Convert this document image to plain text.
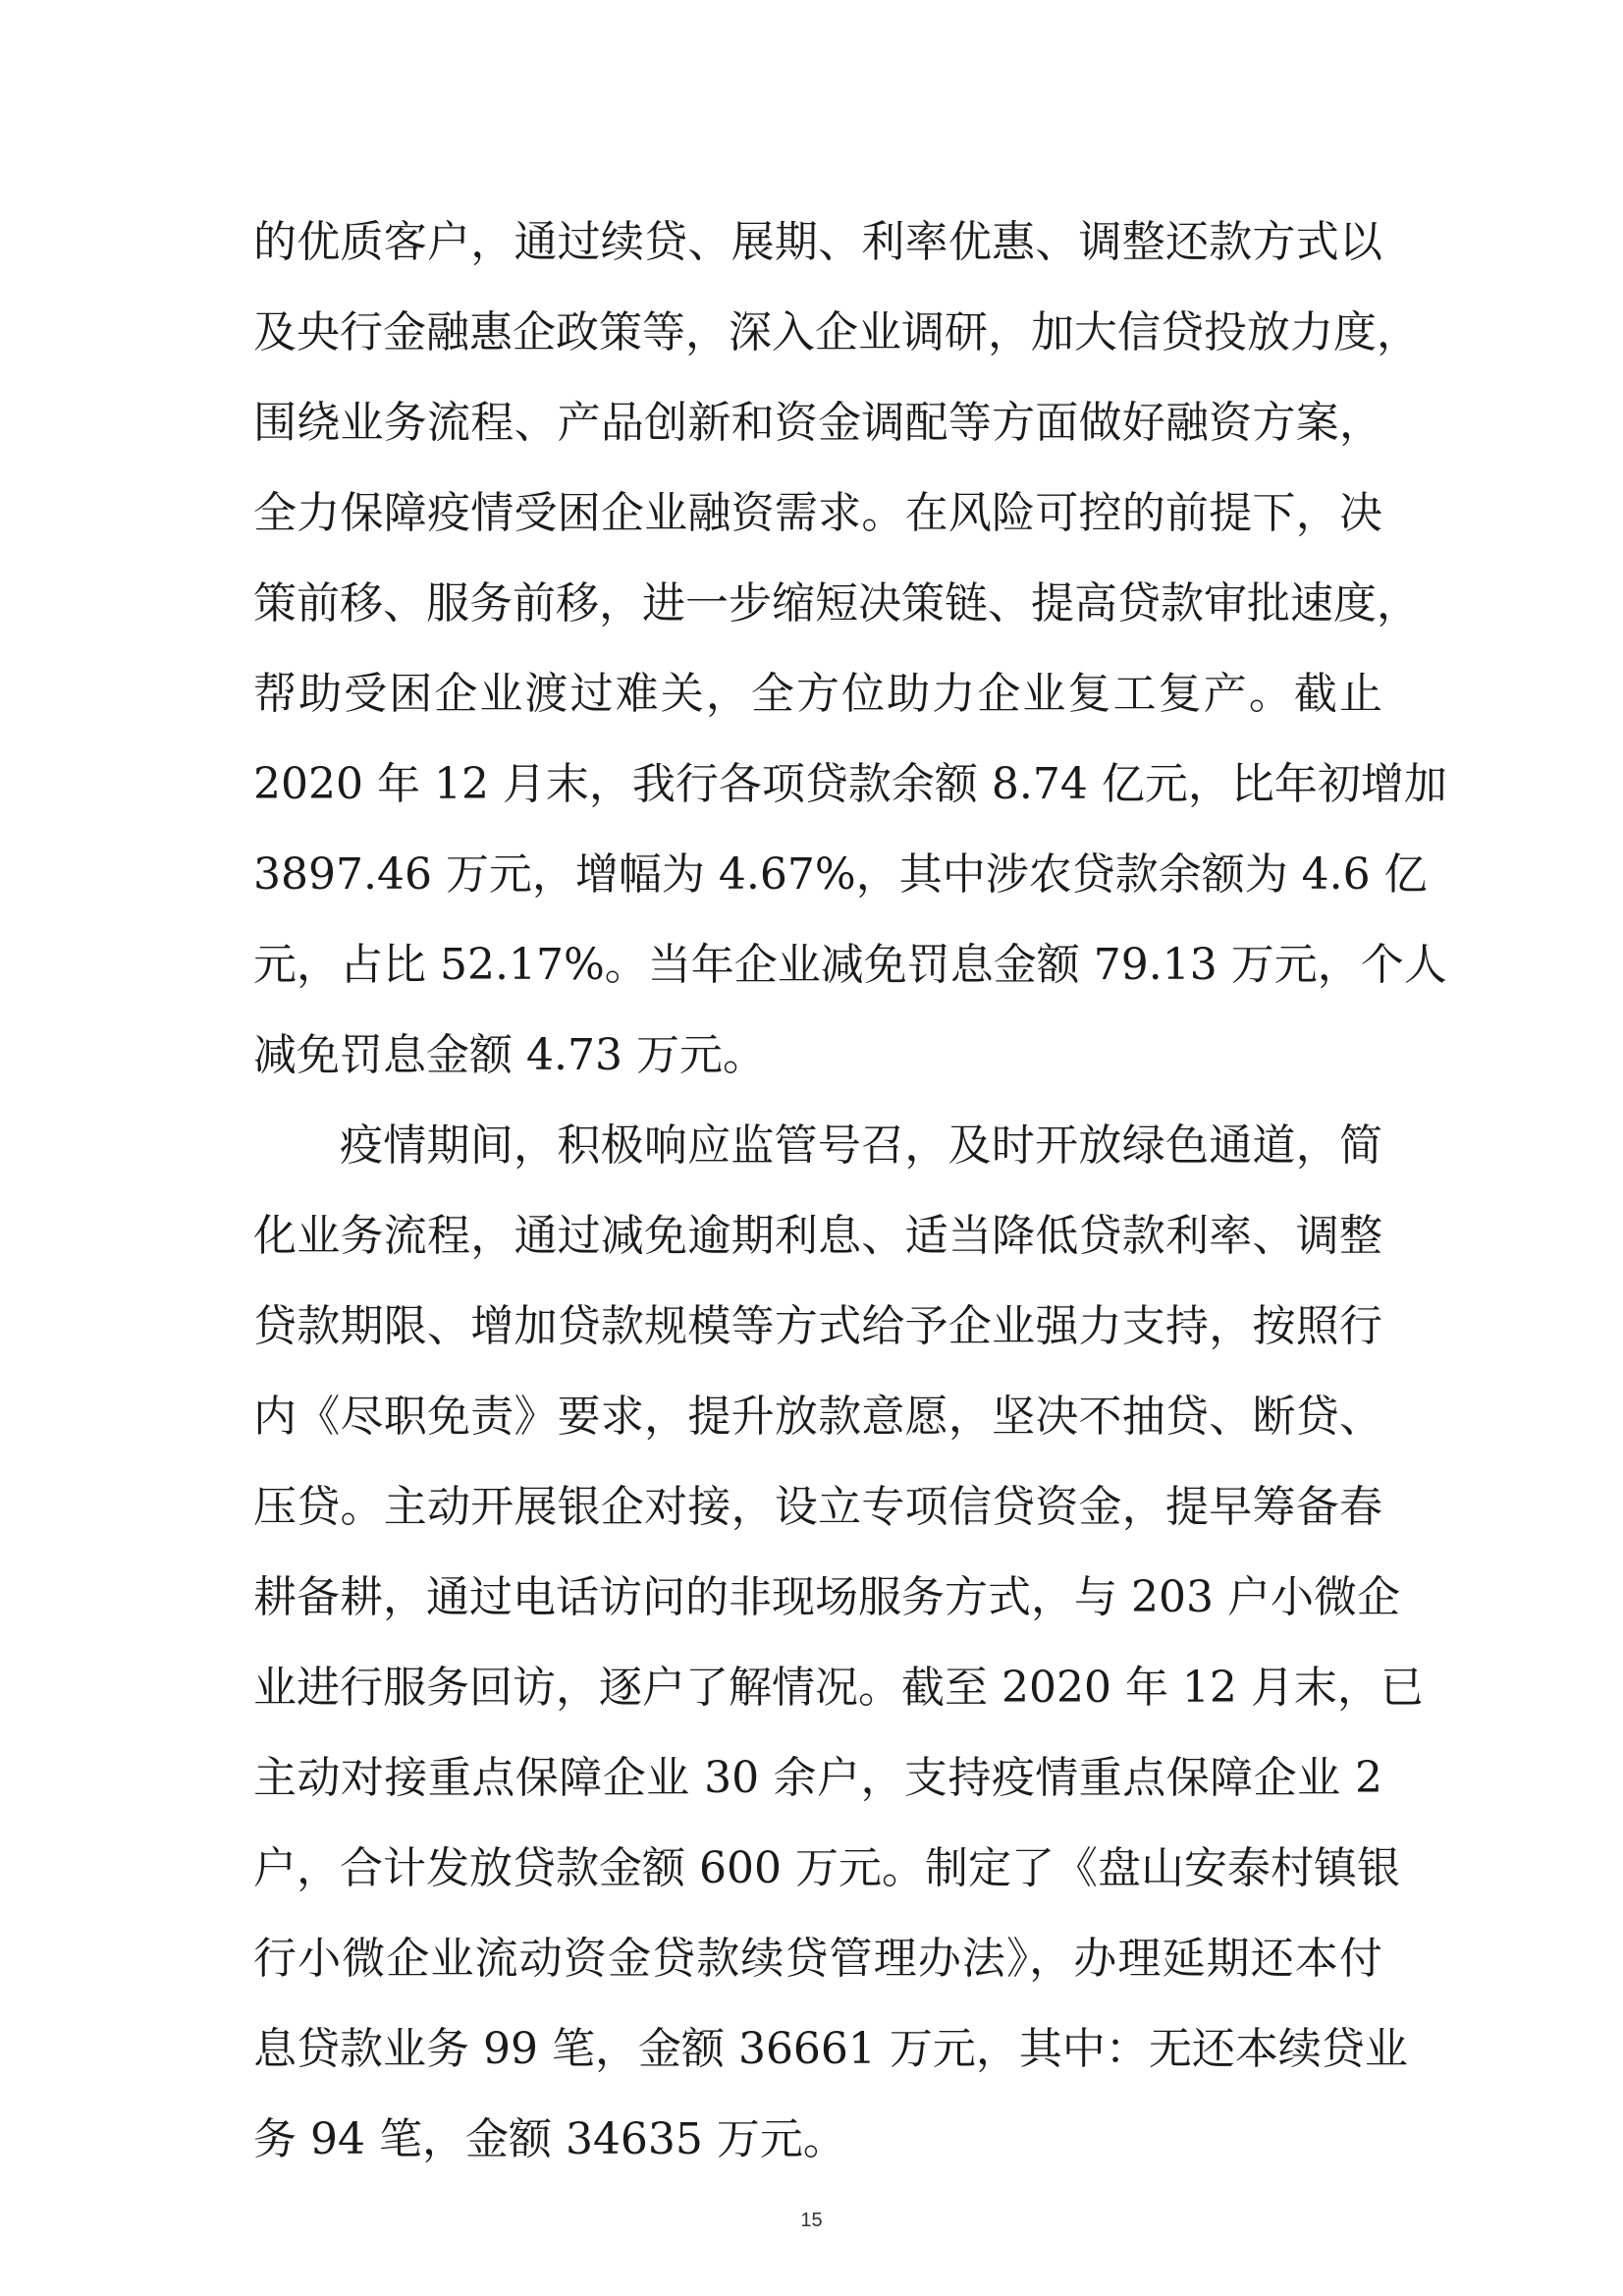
的优质客户，通过续贷、展期、利率优惠、调整还款方式以
及央行金融惠企政策等，深入企业调研，加大信贷投放力度，
围绕业务流程、产品创新和资金调配等方面做好融资方案，
全力保障疫情受困企业融资需求。在风险可控的前提下，决
策前移、服务前移，进一步缩短决策链、提高贷款审批速度，
帮助受困企业渡过难关，全方位助力企业复工复产。截止
2020 年 12 月末，我行各项贷款余额 8.74 亿元，比年初增加
3897.46 万元，增幅为 4.67%，其中涉农贷款余额为 4.6 亿
元，占比 52.17%。当年企业减免罚息金额 79.13 万元，个人
减免罚息金额 4.73 万元。
疫情期间，积极响应监管号召，及时开放绿色通道，简
化业务流程，通过减免逾期利息、适当降低贷款利率、调整
贷款期限、增加贷款规模等方式给予企业强力支持，按照行
内《尽职免责》要求，提升放款意愿，坚决不抽贷、断贷、
压贷。主动开展银企对接，设立专项信贷资金，提早筹备春
耕备耕，通过电话访问的非现场服务方式，与 203 户小微企
业进行服务回访，逐户了解情况。截至 2020 年 12 月末，已
主动对接重点保障企业 30 余户，支持疫情重点保障企业 2
户，合计发放贷款金额 600 万元。制定了《盘山安泰村镇银
行小微企业流动资金贷款续贷管理办法》，办理延期还本付
息贷款业务 99 笔，金额 36661 万元，其中：无还本续贷业
务 94 笔，金额 34635 万元。
15
